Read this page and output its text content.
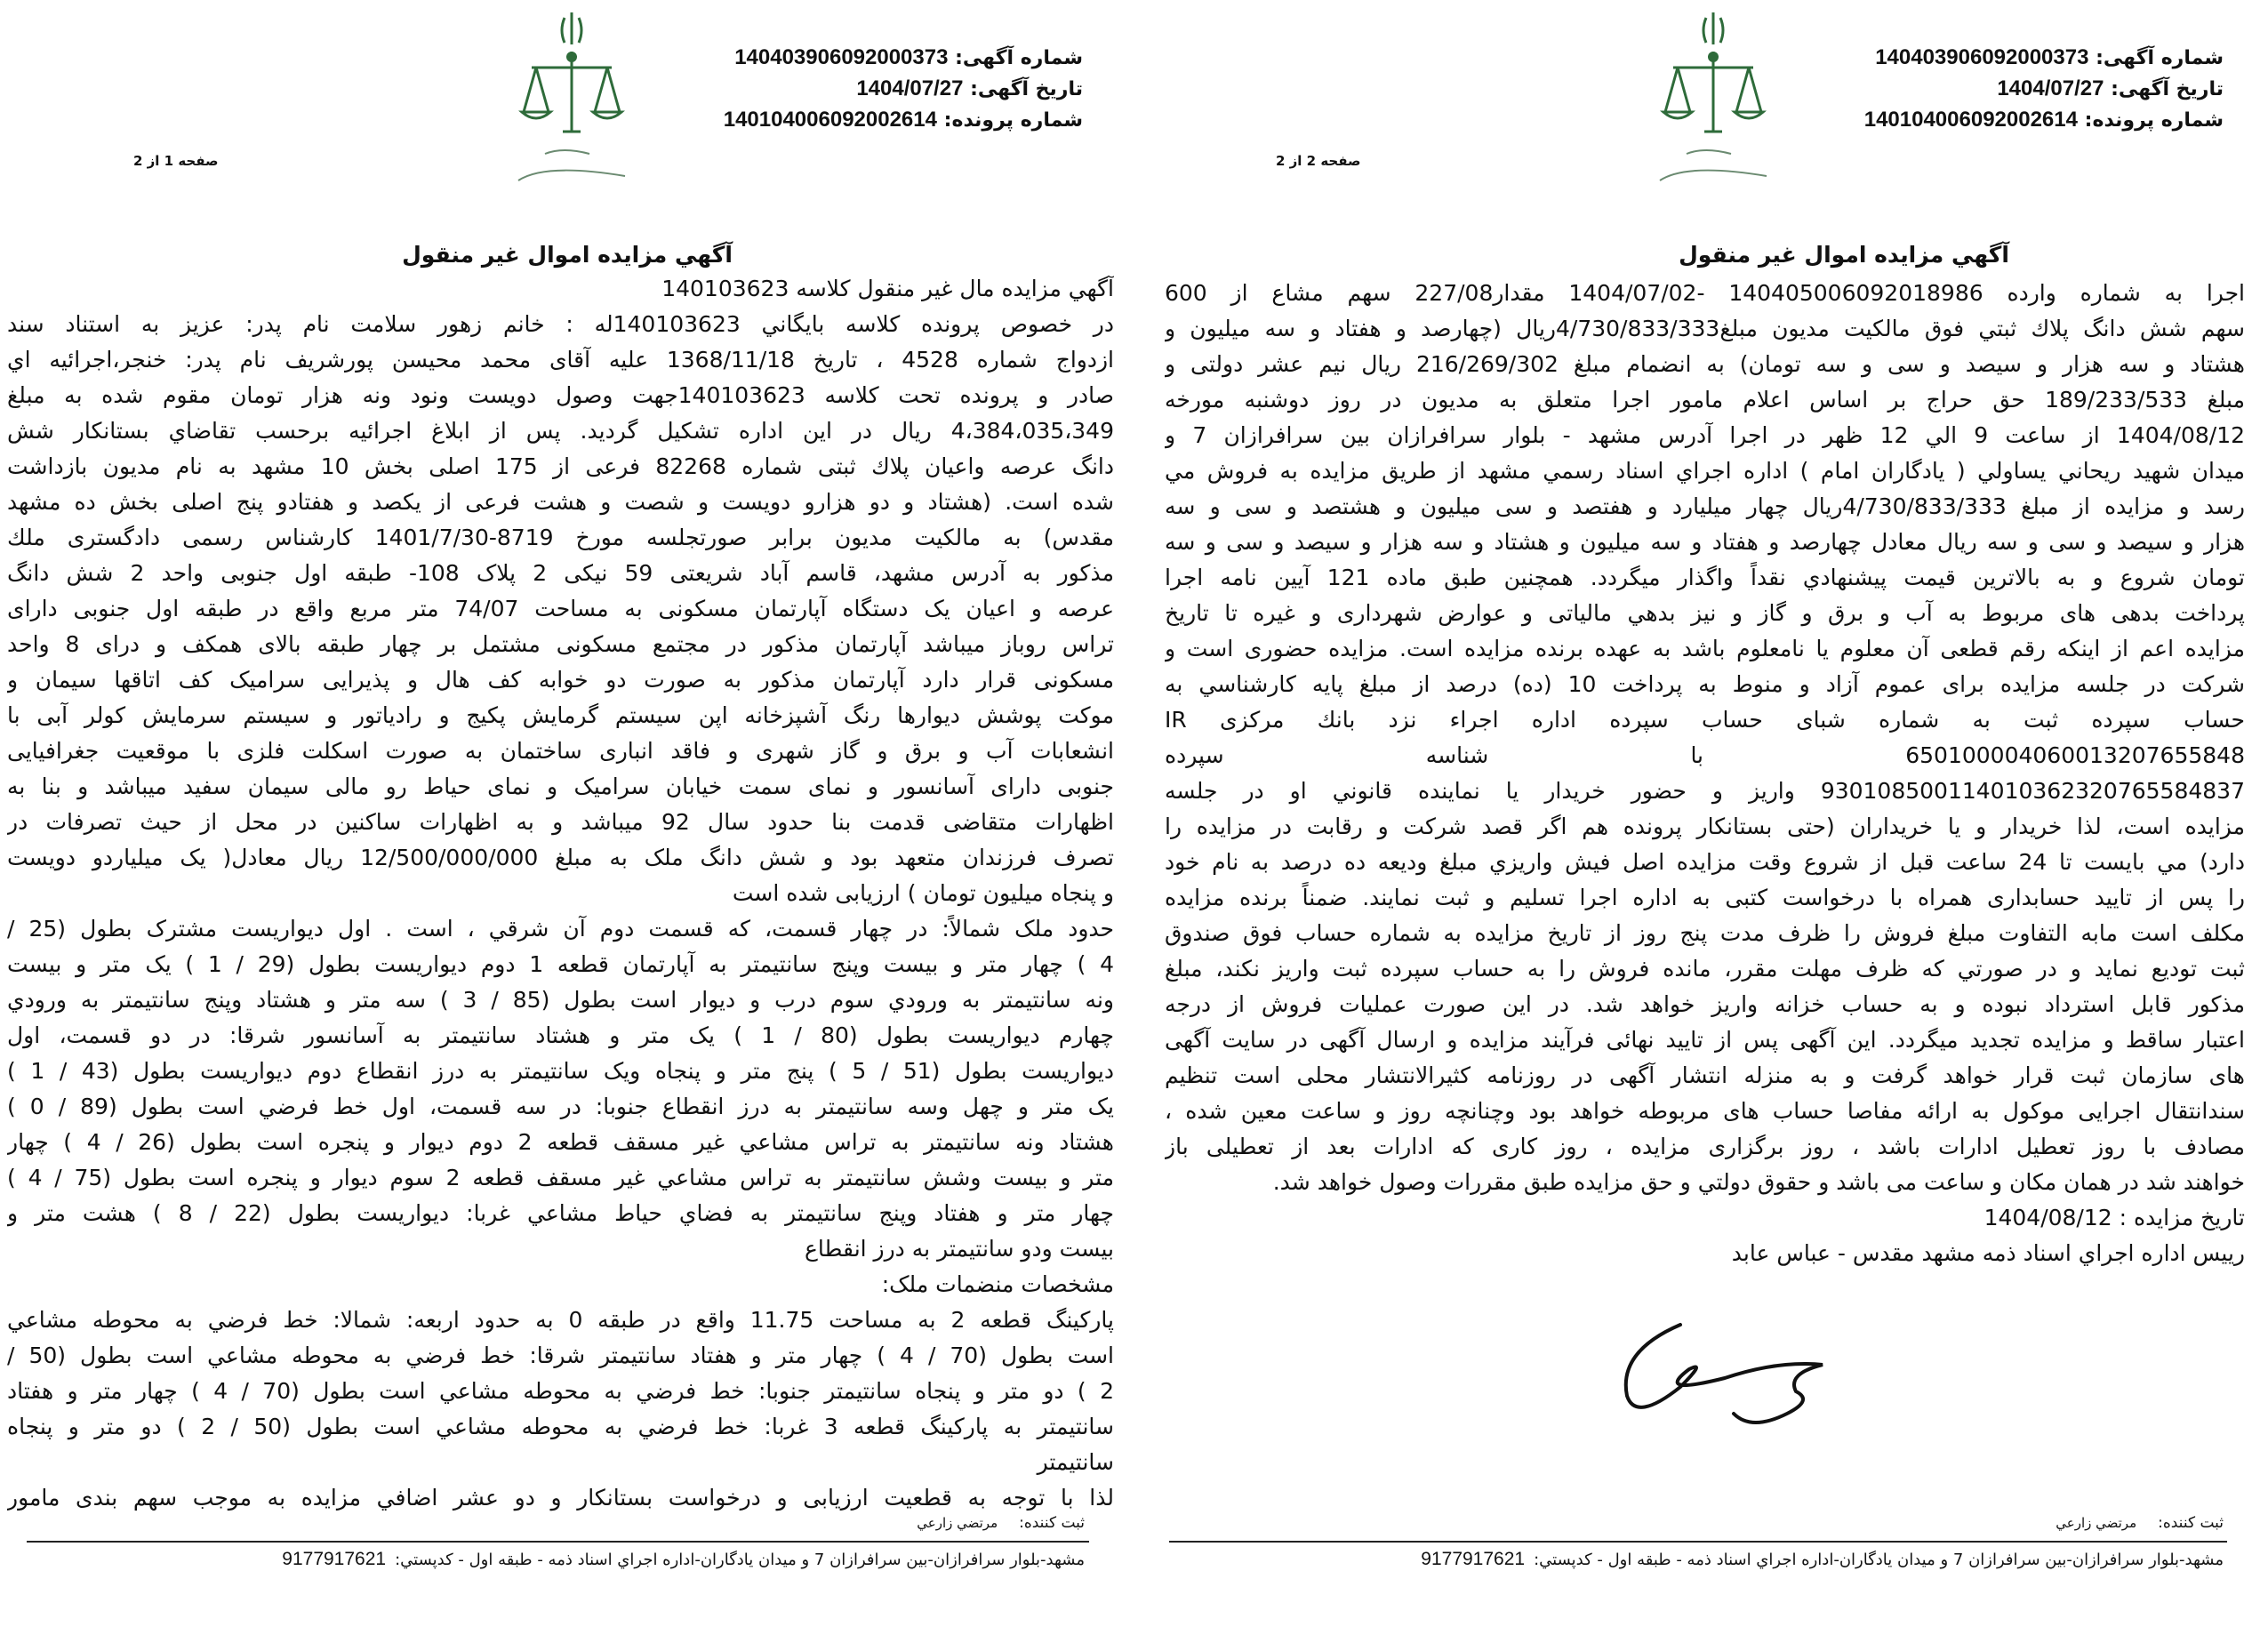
شماره آگهی: 140403906092000373
تاریخ آگهی: 1404/07/27
شماره پرونده: 140104006092002614
صفحه 1 از 2
آگهي مزايده اموال غير منقول
آگهي مزايده مال غير منقول كلاسه 140103623
در خصوص پرونده كلاسه بايگاني 140103623له : خانم زهور سلامت نام پدر: عزيز به استناد سند
ازدواج شماره 4528 ، تاريخ 1368/11/18 عليه آقاى محمد محيسن پورشريف نام پدر: خنجر،اجرائيه اي
صادر و پرونده تحت كلاسه 140103623جهت وصول دويست ونود ونه هزار تومان مقوم شده به مبلغ
4،384،035،349 ريال در اين اداره تشكيل گرديد. پس از ابلاغ اجرائيه برحسب تقاضاي بستانكار شش
دانگ عرصه واعيان پلاك ثبتى شماره 82268 فرعى از 175 اصلى بخش 10 مشهد به نام مديون بازداشت
شده است. (هشتاد و دو هزارو دويست و شصت و هشت فرعى از يكصد و هفتادو پنج اصلى بخش ده مشهد
مقدس) به مالكيت مديون برابر صورتجلسه مورخ 8719-1401/7/30 كارشناس رسمى دادگسترى ملك
مذكور به آدرس مشهد، قاسم آباد شريعتى 59 نيكى 2 پلاک 108- طبقه اول جنوبى واحد 2 شش دانگ
عرصه و اعيان يک دستگاه آپارتمان مسكونى به مساحت 74/07 متر مربع واقع در طبقه اول جنوبى داراى
تراس روباز ميباشد آپارتمان مذكور در مجتمع مسكونى مشتمل بر چهار طبقه بالاى همكف و دراى 8 واحد
مسكونى قرار دارد آپارتمان مذكور به صورت دو خوابه كف هال و پذيرايى سراميک كف اتاقها سيمان و
موكت پوشش ديوارها رنگ آشپزخانه اپن سيستم گرمايش پكيج و رادياتور و سيستم سرمايش كولر آبى با
انشعابات آب و برق و گاز شهرى و فاقد انبارى ساختمان به صورت اسكلت فلزى با موقعيت جغرافيايى
جنوبى داراى آسانسور و نماى سمت خيابان سراميک و نماى حياط رو مالى سيمان سفيد ميباشد و بنا به
اظهارات متقاضى قدمت بنا حدود سال 92 ميباشد و به اظهارات ساكنين در محل از حيث تصرفات در
تصرف فرزندان متعهد بود و شش دانگ ملک به مبلغ 12/500/000/000 ريال معادل( يک ميلياردو دويست
و پنجاه ميليون تومان ) ارزيابى شده است
حدود ملک شمالاً: در چهار قسمت، كه قسمت دوم آن شرقي ، است . اول ديواريست مشترک بطول (25 /
4 ) چهار متر و بيست وپنج سانتيمتر به آپارتمان قطعه 1 دوم ديواريست بطول (29 / 1 ) يک متر و بيست
ونه سانتيمتر به ورودي سوم درب و ديوار است بطول (85 / 3 ) سه متر و هشتاد وپنج سانتيمتر به ورودي
چهارم ديواريست بطول (80 / 1 ) يک متر و هشتاد سانتيمتر به آسانسور شرقا: در دو قسمت، اول
ديواريست بطول (51 / 5 ) پنج متر و پنجاه ويک سانتيمتر به درز انقطاع دوم ديواريست بطول (43 / 1 )
يک متر و چهل وسه سانتيمتر به درز انقطاع جنوبا: در سه قسمت، اول خط فرضي است بطول (89 / 0 )
هشتاد ونه سانتيمتر به تراس مشاعي غير مسقف قطعه 2 دوم ديوار و پنجره است بطول (26 / 4 ) چهار
متر و بيست وشش سانتيمتر به تراس مشاعي غير مسقف قطعه 2 سوم ديوار و پنجره است بطول (75 / 4 )
چهار متر و هفتاد وپنج سانتيمتر به فضاي حياط مشاعي غربا: ديواريست بطول (22 / 8 ) هشت متر و
بيست ودو سانتيمتر به درز انقطاع
مشخصات منضمات ملک:
پاركينگ قطعه 2 به مساحت 11.75 واقع در طبقه 0 به حدود اربعه: شمالا: خط فرضي به محوطه مشاعي
است بطول (70 / 4 ) چهار متر و هفتاد سانتيمتر شرقا: خط فرضي به محوطه مشاعي است بطول (50 /
2 ) دو متر و پنجاه سانتيمتر جنوبا: خط فرضي به محوطه مشاعي است بطول (70 / 4 ) چهار متر و هفتاد
سانتيمتر به پاركينگ قطعه 3 غربا: خط فرضي به محوطه مشاعي است بطول (50 / 2 ) دو متر و پنجاه
سانتيمتر
لذا با توجه به قطعيت ارزيابى و درخواست بستانكار و دو عشر اضافي مزايده به موجب سهم بندى مامور
ثبت کننده:مرتضي زارعي
مشهد-بلوار سرافرازان-بين سرافرازان 7 و ميدان يادگاران-اداره اجراي اسناد ذمه - طبقه اول - کدپستي:9177917621
شماره آگهی: 140403906092000373
تاریخ آگهی: 1404/07/27
شماره پرونده: 140104006092002614
صفحه 2 از 2
آگهي مزايده اموال غير منقول
اجرا به شماره وارده 14040500609201898‌6 -1404/07/02 مقدار227/08 سهم مشاع از 600
سهم شش دانگ پلاك ثبتي فوق مالكيت مديون مبلغ4/730/833/333ريال (چهارصد و هفتاد و سه ميليون و
هشتاد و سه هزار و سيصد و سی و سه تومان) به انضمام مبلغ 216/269/302 ريال نيم عشر دولتی و
مبلغ 189/233/533 حق حراج بر اساس اعلام مامور اجرا متعلق به مديون در روز دوشنبه مورخه
1404/08/12 از ساعت 9 الي 12 ظهر در اجرا آدرس مشهد - بلوار سرافرازان بين سرافرازان 7 و
ميدان شهيد ريحاني يساولي ( يادگاران امام ) اداره اجراي اسناد رسمي مشهد از طريق مزايده به فروش مي
رسد و مزايده از مبلغ 4/730/833/333ريال چهار ميليارد و هفتصد و سی ميليون و هشتصد و سی و سه
هزار و سيصد و سی و سه ريال معادل چهارصد و هفتاد و سه ميليون و هشتاد و سه هزار و سيصد و سی و سه
تومان شروع و به بالاترين قيمت پيشنهادي نقداً واگذار ميگردد. همچنين طبق ماده 121 آيين نامه اجرا
پرداخت بدهی های مربوط به آب و برق و گاز و نيز بدهي مالياتی و عوارض شهرداری و غيره تا تاريخ
مزايده اعم از اينكه رقم قطعی آن معلوم يا نامعلوم باشد به عهده برنده مزايده است. مزايده حضوری است و
شركت در جلسه مزايده برای عموم آزاد و منوط به پرداخت 10 (ده) درصد از مبلغ پايه كارشناسي به
حساب سپرده ثبت به شماره شبای حساب سپرده اداره اجراء نزد بانك مركزی IR
650100004060013207655848 با شناسه سپرده
930108500114010362320765584837 واريز و حضور خريدار يا نماينده قانوني او در جلسه
مزايده است، لذا خريدار و يا خريداران (حتی بستانكار پرونده هم اگر قصد شركت و رقابت در مزايده را
دارد) مي بايست تا 24 ساعت قبل از شروع وقت مزايده اصل فيش واريزي مبلغ وديعه ده درصد به نام خود
را پس از تاييد حسابداری همراه با درخواست كتبی به اداره اجرا تسليم و ثبت نمايند. ضمناً برنده مزايده
مكلف است مابه التفاوت مبلغ فروش را ظرف مدت پنج روز از تاريخ مزايده به شماره حساب فوق صندوق
ثبت توديع نمايد و در صورتي كه ظرف مهلت مقرر، مانده فروش را به حساب سپرده ثبت واريز نكند، مبلغ
مذكور قابل استرداد نبوده و به حساب خزانه واريز خواهد شد. در اين صورت عمليات فروش از درجه
اعتبار ساقط و مزايده تجديد ميگردد. اين آگهی پس از تاييد نهائی فرآيند مزايده و ارسال آگهی در سايت آگهی
های سازمان ثبت قرار خواهد گرفت و به منزله انتشار آگهی در روزنامه كثيرالانتشار محلی است تنظيم
سندانتقال اجرايی موكول به ارائه مفاصا حساب های مربوطه خواهد بود وچنانچه روز و ساعت معين شده ،
مصادف با روز تعطيل ادارات باشد ، روز برگزاری مزايده ، روز كاری كه ادارات بعد از تعطيلی باز
خواهند شد در همان مكان و ساعت می باشد و حقوق دولتي و حق مزايده طبق مقررات وصول خواهد شد.
تاريخ مزايده : 1404/08/12
رييس اداره اجراي اسناد ذمه مشهد مقدس - عباس عابد
ثبت کننده:مرتضي زارعي
مشهد-بلوار سرافرازان-بين سرافرازان 7 و ميدان يادگاران-اداره اجراي اسناد ذمه - طبقه اول - کدپستي:9177917621
